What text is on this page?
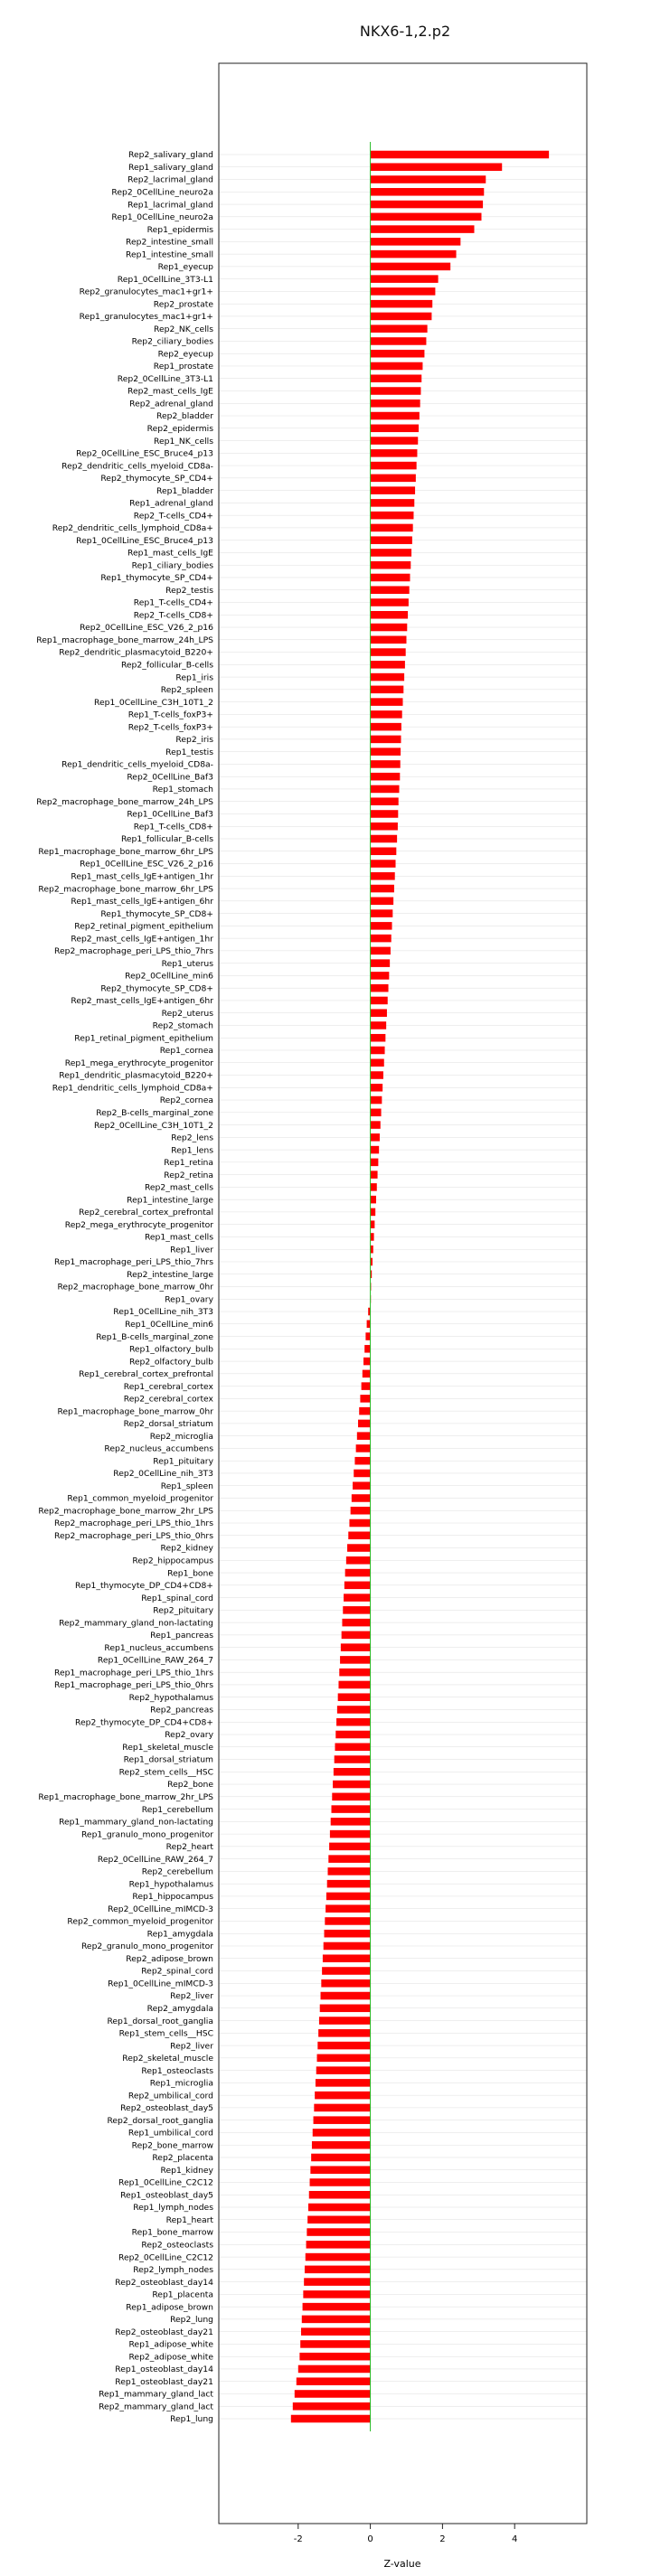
NKX6-1,2.p2
Rep2_salivary_gland
Rep1_salivary_gland
Rep2_lacrimal_gland
Rep2_0CellLine_neuro2a
Rep1_lacrimal_gland
Rep1_0CellLine_neuro2a
Rep1_epidermis
Rep2_intestine_small
Rep1_intestine_small
Rep1_eyecup
Rep1_0CellLine_3T3-L1
Rep2_granulocytes_mac1+gr1+
Rep2_prostate
Rep1_granulocytes_mac1+gr1+
Rep2_NK_cells
Rep2_ciliary_bodies
Rep2_eyecup
Rep1_prostate
Rep2_0CellLine_3T3-L1
Rep2_mast_cells_IgE
Rep2_adrenal_gland
Rep2_bladder
Rep2_epidermis
Rep1_NK_cells
Rep2_0CellLine_ESC_Bruce4_p13
Rep2_dendritic_cells_myeloid_CD8a-
Rep2_thymocyte_SP_CD4+
Rep1_bladder
Rep1_adrenal_gland
Rep2_T-cells_CD4+
Rep2_dendritic_cells_lymphoid_CD8a+
Rep1_0CellLine_ESC_Bruce4_p13
Rep1_mast_cells_IgE
Rep1_ciliary_bodies
Rep1_thymocyte_SP_CD4+
Rep2_testis
Rep1_T-cells_CD4+
Rep2_T-cells_CD8+
Rep2_0CellLine_ESC_V26_2_p16
Rep1_macrophage_bone_marrow_24h_LPS
Rep2_dendritic_plasmacytoid_B220+
Rep2_follicular_B-cells
Rep1_iris
Rep2_spleen
Rep1_0CellLine_C3H_10T1_2
Rep1_T-cells_foxP3+
Rep2_T-cells_foxP3+
Rep2_iris
Rep1_testis
Rep1_dendritic_cells_myeloid_CD8a-
Rep2_0CellLine_Baf3
Rep1_stomach
Rep2_macrophage_bone_marrow_24h_LPS
Rep1_0CellLine_Baf3
Rep1_T-cells_CD8+
Rep1_follicular_B-cells
Rep1_macrophage_bone_marrow_6hr_LPS
Rep1_0CellLine_ESC_V26_2_p16
Rep1_mast_cells_IgE+antigen_1hr
Rep2_macrophage_bone_marrow_6hr_LPS
Rep1_mast_cells_IgE+antigen_6hr
Rep1_thymocyte_SP_CD8+
Rep2_retinal_pigment_epithelium
Rep2_mast_cells_IgE+antigen_1hr
Rep2_macrophage_peri_LPS_thio_7hrs
Rep1_uterus
Rep2_0CellLine_min6
Rep2_thymocyte_SP_CD8+
Rep2_mast_cells_IgE+antigen_6hr
Rep2_uterus
Rep2_stomach
Rep1_retinal_pigment_epithelium
Rep1_cornea
Rep1_mega_erythrocyte_progenitor
Rep1_dendritic_plasmacytoid_B220+
Rep1_dendritic_cells_lymphoid_CD8a+
Rep2_cornea
Rep2_B-cells_marginal_zone
Rep2_0CellLine_C3H_10T1_2
Rep2_lens
Rep1_lens
Rep1_retina
Rep2_retina
Rep2_mast_cells
Rep1_intestine_large
Rep2_cerebral_cortex_prefrontal
Rep2_mega_erythrocyte_progenitor
Rep1_mast_cells
Rep1_liver
Rep1_macrophage_peri_LPS_thio_7hrs
Rep2_intestine_large
Rep2_macrophage_bone_marrow_0hr
Rep1_ovary
Rep1_0CellLine_nih_3T3
Rep1_0CellLine_min6
Rep1_B-cells_marginal_zone
Rep1_olfactory_bulb
Rep2_olfactory_bulb
Rep1_cerebral_cortex_prefrontal
Rep1_cerebral_cortex
Rep2_cerebral_cortex
Rep1_macrophage_bone_marrow_0hr
Rep2_dorsal_striatum
Rep2_microglia
Rep2_nucleus_accumbens
Rep1_pituitary
Rep2_0CellLine_nih_3T3
Rep1_spleen
Rep1_common_myeloid_progenitor
Rep2_macrophage_bone_marrow_2hr_LPS
Rep2_macrophage_peri_LPS_thio_1hrs
Rep2_macrophage_peri_LPS_thio_0hrs
Rep2_kidney
Rep2_hippocampus
Rep1_bone
Rep1_thymocyte_DP_CD4+CD8+
Rep1_spinal_cord
Rep2_pituitary
Rep2_mammary_gland_non-lactating
Rep1_pancreas
Rep1_nucleus_accumbens
Rep1_0CellLine_RAW_264_7
Rep1_macrophage_peri_LPS_thio_1hrs
Rep1_macrophage_peri_LPS_thio_0hrs
Rep2_hypothalamus
Rep2_pancreas
Rep2_thymocyte_DP_CD4+CD8+
Rep2_ovary
Rep1_skeletal_muscle
Rep1_dorsal_striatum
Rep2_stem_cells__HSC
Rep2_bone
Rep1_macrophage_bone_marrow_2hr_LPS
Rep1_cerebellum
Rep1_mammary_gland_non-lactating
Rep1_granulo_mono_progenitor
Rep2_heart
Rep2_0CellLine_RAW_264_7
Rep2_cerebellum
Rep1_hypothalamus
Rep1_hippocampus
Rep2_0CellLine_mIMCD-3
Rep2_common_myeloid_progenitor
Rep1_amygdala
Rep2_granulo_mono_progenitor
Rep2_adipose_brown
Rep2_spinal_cord
Rep1_0CellLine_mIMCD-3
Rep2_liver
Rep2_amygdala
Rep1_dorsal_root_ganglia
Rep1_stem_cells__HSC
Rep2_liver
Rep2_skeletal_muscle
Rep1_osteoclasts
Rep1_microglia
Rep2_umbilical_cord
Rep2_osteoblast_day5
Rep2_dorsal_root_ganglia
Rep1_umbilical_cord
Rep2_bone_marrow
Rep2_placenta
Rep1_kidney
Rep1_0CellLine_C2C12
Rep1_osteoblast_day5
Rep1_lymph_nodes
Rep1_heart
Rep1_bone_marrow
Rep2_osteoclasts
Rep2_0CellLine_C2C12
Rep2_lymph_nodes
Rep2_osteoblast_day14
Rep1_placenta
Rep1_adipose_brown
Rep2_lung
Rep2_osteoblast_day21
Rep1_adipose_white
Rep2_adipose_white
Rep1_osteoblast_day14
Rep1_osteoblast_day21
Rep1_mammary_gland_lact
Rep2_mammary_gland_lact
Rep1_lung
-2	0	2	4
Z-value
